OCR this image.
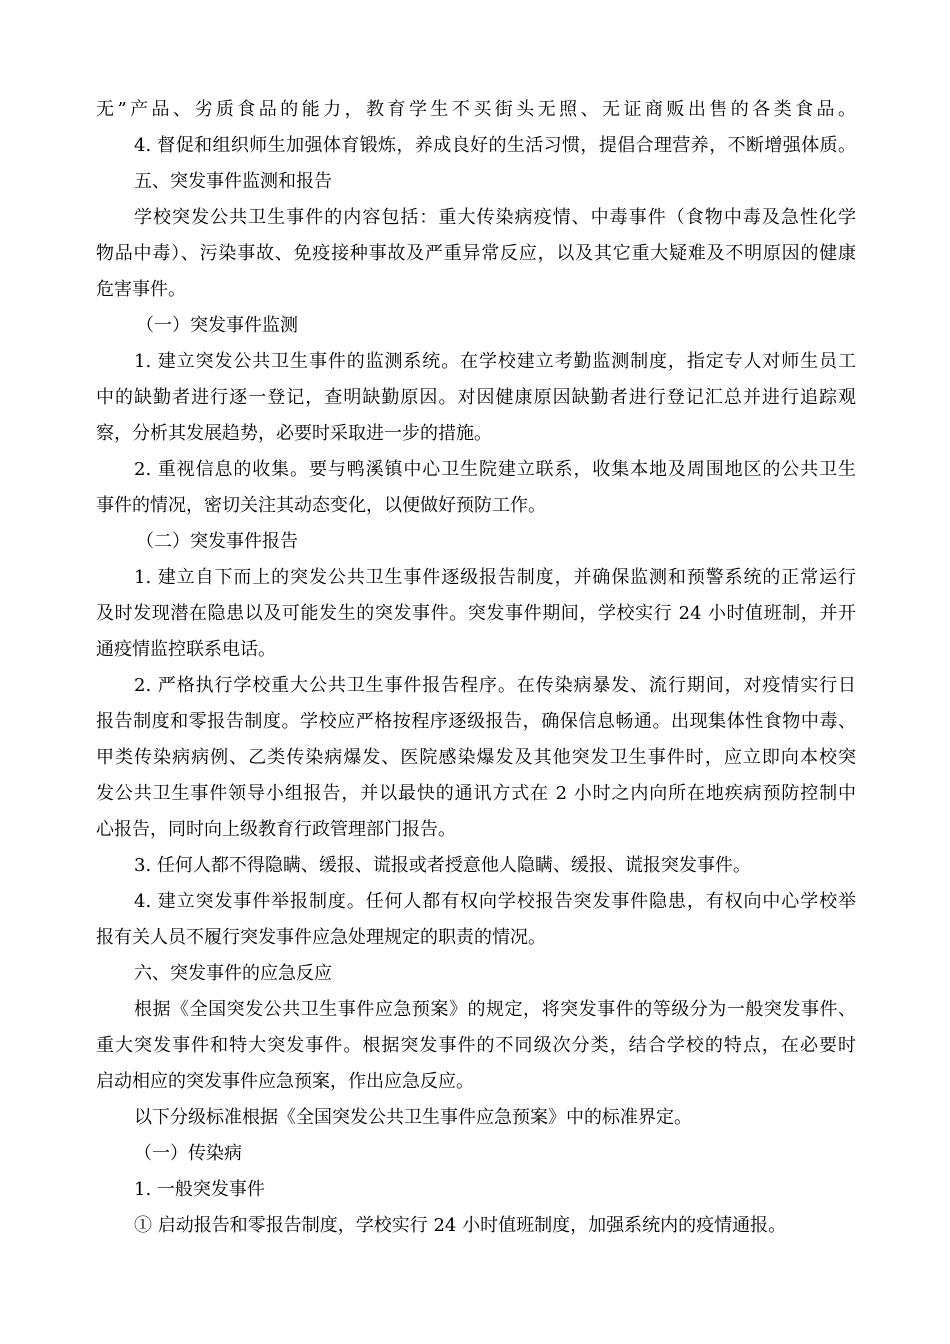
无”产品、劣质食品的能力，教育学生不买街头无照、无证商贩出售的各类食品。
4. 督促和组织师生加强体育锻炼，养成良好的生活习惯，提倡合理营养，不断增强体质。
五、突发事件监测和报告
学校突发公共卫生事件的内容包括：重大传染病疫情、中毒事件（食物中毒及急性化学
物品中毒）、污染事故、免疫接种事故及严重异常反应，以及其它重大疑难及不明原因的健康
危害事件。
（一）突发事件监测
1. 建立突发公共卫生事件的监测系统。在学校建立考勤监测制度，指定专人对师生员工
中的缺勤者进行逐一登记，查明缺勤原因。对因健康原因缺勤者进行登记汇总并进行追踪观
察，分析其发展趋势，必要时采取进一步的措施。
2. 重视信息的收集。要与鸭溪镇中心卫生院建立联系，收集本地及周围地区的公共卫生
事件的情况，密切关注其动态变化，以便做好预防工作。
（二）突发事件报告
1. 建立自下而上的突发公共卫生事件逐级报告制度，并确保监测和预警系统的正常运行
及时发现潜在隐患以及可能发生的突发事件。突发事件期间，学校实行 24 小时值班制，并开
通疫情监控联系电话。
2. 严格执行学校重大公共卫生事件报告程序。在传染病暴发、流行期间，对疫情实行日
报告制度和零报告制度。学校应严格按程序逐级报告，确保信息畅通。出现集体性食物中毒、
甲类传染病病例、乙类传染病爆发、医院感染爆发及其他突发卫生事件时，应立即向本校突
发公共卫生事件领导小组报告，并以最快的通讯方式在 2 小时之内向所在地疾病预防控制中
心报告，同时向上级教育行政管理部门报告。
3. 任何人都不得隐瞒、缓报、谎报或者授意他人隐瞒、缓报、谎报突发事件。
4. 建立突发事件举报制度。任何人都有权向学校报告突发事件隐患，有权向中心学校举
报有关人员不履行突发事件应急处理规定的职责的情况。
六、突发事件的应急反应
根据《全国突发公共卫生事件应急预案》的规定，将突发事件的等级分为一般突发事件、
重大突发事件和特大突发事件。根据突发事件的不同级次分类，结合学校的特点，在必要时
启动相应的突发事件应急预案，作出应急反应。
以下分级标准根据《全国突发公共卫生事件应急预案》中的标准界定。
（一）传染病
1. 一般突发事件
① 启动报告和零报告制度，学校实行 24 小时值班制度，加强系统内的疫情通报。
